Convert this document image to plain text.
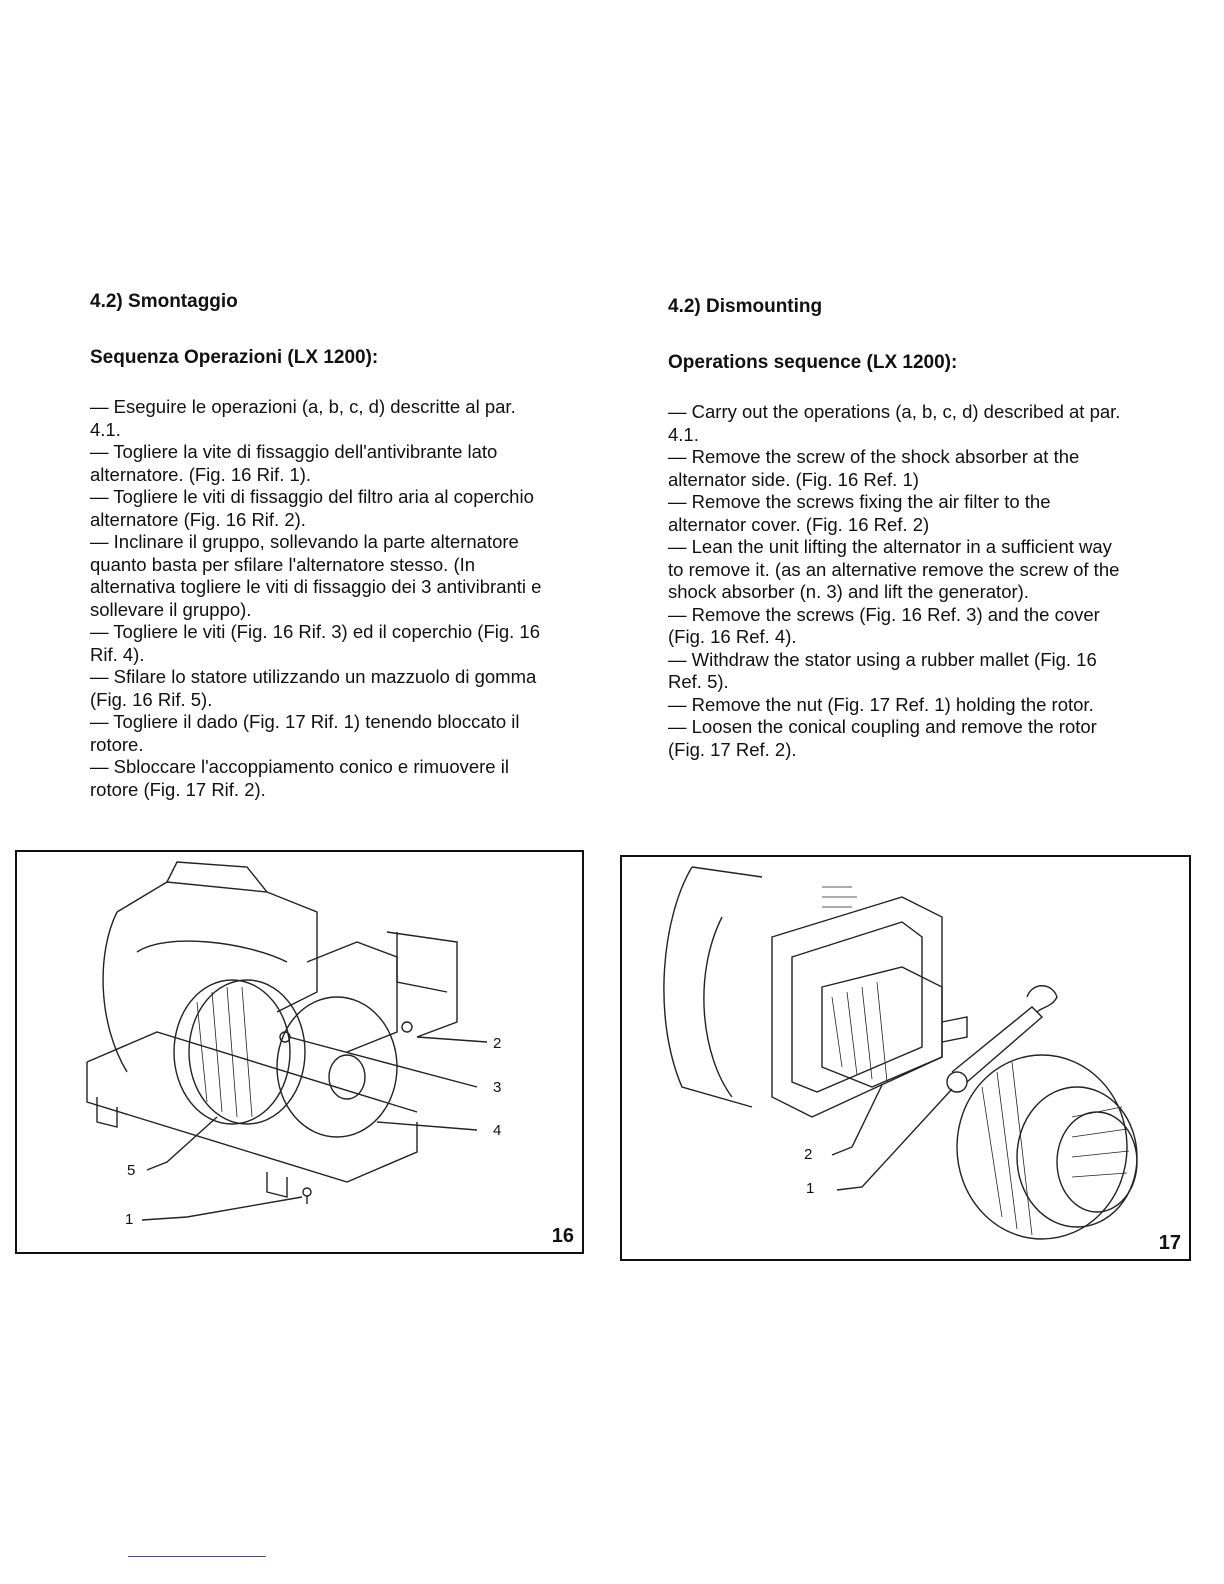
4.2) Smontaggio
Sequenza Operazioni (LX 1200):

— Eseguire le operazioni (a, b, c, d) descritte al par. 4.1.

— Togliere la vite di fissaggio dell'antivibrante lato alternatore. (Fig. 16 Rif. 1).

— Togliere le viti di fissaggio del filtro aria al coperchio alternatore (Fig. 16 Rif. 2).

— Inclinare il gruppo, sollevando la parte alternatore quanto basta per sfilare l'alternatore stesso. (In alternativa togliere le viti di fissaggio dei 3 antivibranti e sollevare il gruppo).

— Togliere le viti (Fig. 16 Rif. 3) ed il coperchio (Fig. 16 Rif. 4).

— Sfilare lo statore utilizzando un mazzuolo di gomma (Fig. 16 Rif. 5).

— Togliere il dado (Fig. 17 Rif. 1) tenendo bloccato il rotore.

— Sbloccare l'accoppiamento conico e rimuovere il rotore (Fig. 17 Rif. 2).

4.2) Dismounting
Operations sequence (LX 1200):

— Carry out the operations (a, b, c, d) described at par. 4.1.

— Remove the screw of the shock absorber at the alternator side. (Fig. 16 Ref. 1)

— Remove the screws fixing the air filter to the alternator cover. (Fig. 16 Ref. 2)

— Lean the unit lifting the alternator in a sufficient way to remove it. (as an alternative remove the screw of the shock absorber (n. 3) and lift the generator).

— Remove the screws (Fig. 16 Ref. 3) and the cover (Fig. 16 Ref. 4).

— Withdraw the stator using a rubber mallet (Fig. 16 Ref. 5).

— Remove the nut (Fig. 17 Ref. 1) holding the rotor.

— Loosen the conical coupling and remove the rotor (Fig. 17 Ref. 2).

2
3
4
5
1
16
2
1
17
